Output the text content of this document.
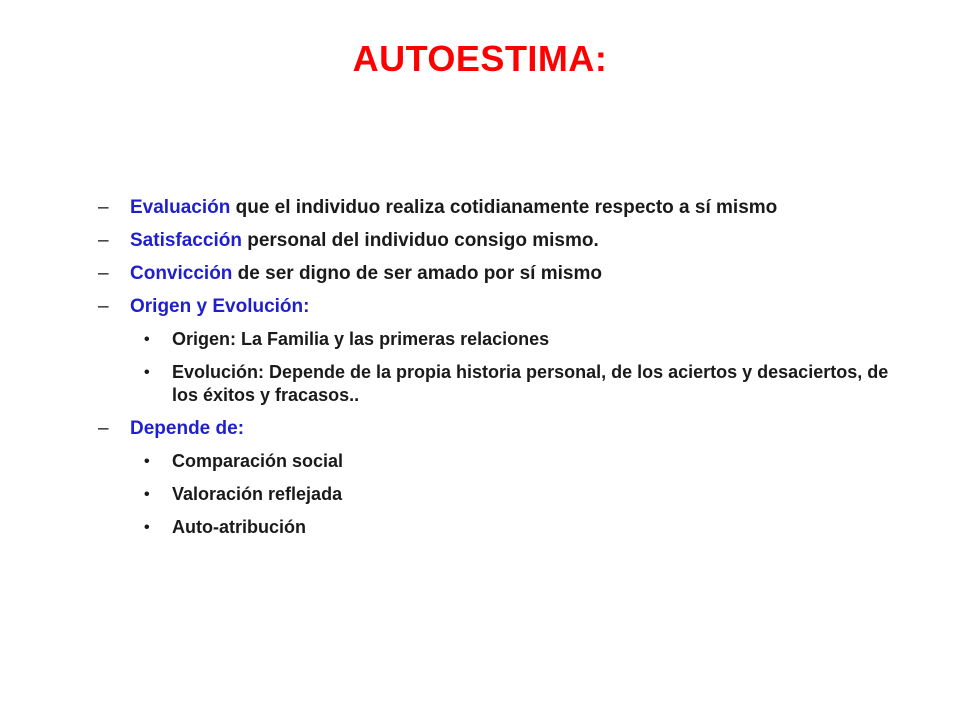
AUTOESTIMA:
– Evaluación que el individuo realiza cotidianamente respecto a sí mismo
– Satisfacción personal del individuo consigo mismo.
– Convicción de ser digno de ser amado por sí mismo
– Origen y Evolución:
• Origen: La Familia y las primeras relaciones
• Evolución: Depende de la propia historia personal, de los aciertos y desaciertos, de los éxitos y fracasos..
– Depende de:
• Comparación social
• Valoración reflejada
• Auto-atribución
